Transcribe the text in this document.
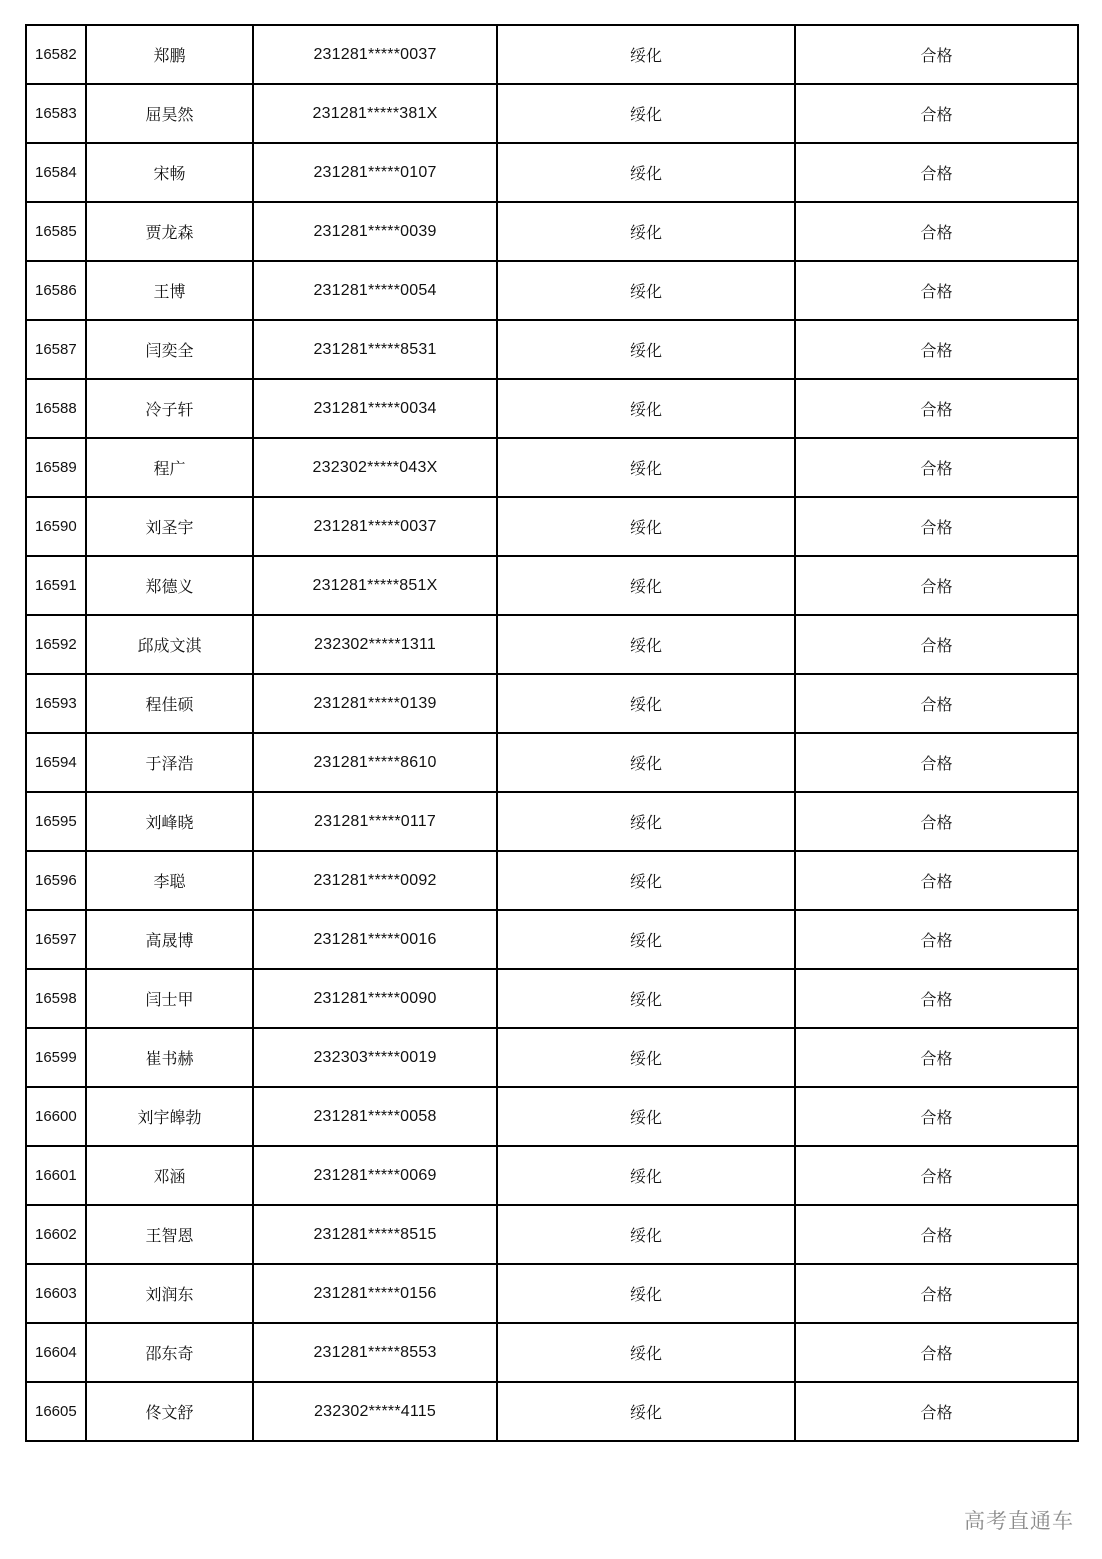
16582	郑鹏	231281*****0037	绥化	合格
16583	屈昊然	231281*****381X	绥化	合格
16584	宋畅	231281*****0107	绥化	合格
16585	贾龙森	231281*****0039	绥化	合格
16586	王博	231281*****0054	绥化	合格
16587	闫奕全	231281*****8531	绥化	合格
16588	冷子轩	231281*****0034	绥化	合格
16589	程广	232302*****043X	绥化	合格
16590	刘圣宇	231281*****0037	绥化	合格
16591	郑德义	231281*****851X	绥化	合格
16592	邱成文淇	232302*****1311	绥化	合格
16593	程佳硕	231281*****0139	绥化	合格
16594	于泽浩	231281*****8610	绥化	合格
16595	刘峰晓	231281*****0117	绥化	合格
16596	李聪	231281*****0092	绥化	合格
16597	高晟博	231281*****0016	绥化	合格
16598	闫士甲	231281*****0090	绥化	合格
16599	崔书赫	232303*****0019	绥化	合格
16600	刘宇皞勃	231281*****0058	绥化	合格
16601	邓涵	231281*****0069	绥化	合格
16602	王智恩	231281*****8515	绥化	合格
16603	刘润东	231281*****0156	绥化	合格
16604	邵东奇	231281*****8553	绥化	合格
16605	佟文舒	232302*****4115	绥化	合格
高考直通车
